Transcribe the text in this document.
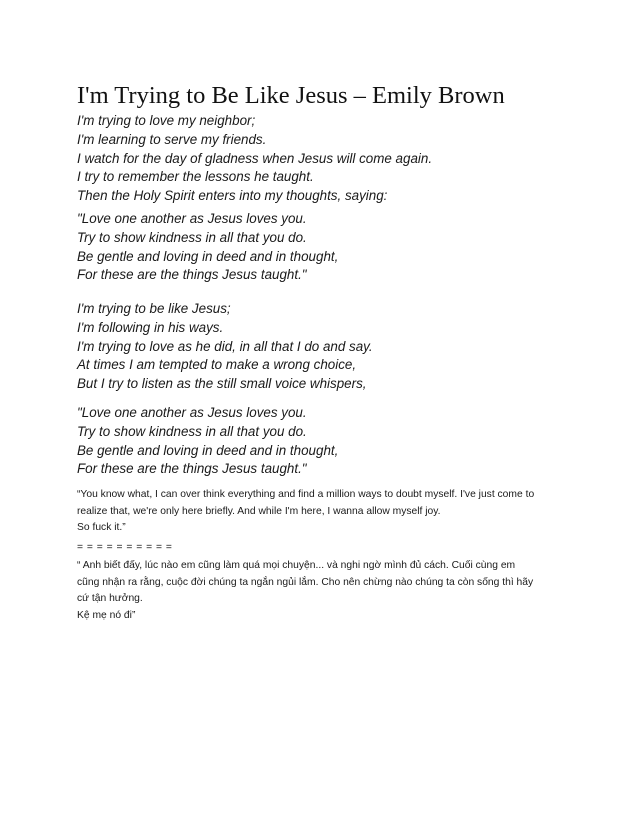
I'm Trying to Be Like Jesus – Emily Brown
I'm trying to love my neighbor;
I'm learning to serve my friends.
I watch for the day of gladness when Jesus will come again.
I try to remember the lessons he taught.
Then the Holy Spirit enters into my thoughts, saying:
"Love one another as Jesus loves you.
Try to show kindness in all that you do.
Be gentle and loving in deed and in thought,
For these are the things Jesus taught."
I'm trying to be like Jesus;
I'm following in his ways.
I'm trying to love as he did, in all that I do and say.
At times I am tempted to make a wrong choice,
But I try to listen as the still small voice whispers,
"Love one another as Jesus loves you.
Try to show kindness in all that you do.
Be gentle and loving in deed and in thought,
For these are the things Jesus taught."
“You know what, I can over think everything and find a million ways to doubt myself. I've just come to
realize that, we're only here briefly. And while I'm here, I wanna allow myself joy.
So fuck it.”
= = = = = = = = = =
“ Anh biết đấy, lúc nào em cũng làm quá mọi chuyện... và nghi ngờ mình đủ cách. Cuối cùng em
cũng nhận ra rằng, cuộc đời chúng ta ngắn ngủi lắm. Cho nên chừng nào chúng ta còn sống thì hãy
cứ tận hưởng.
Kệ mẹ nó đi”
